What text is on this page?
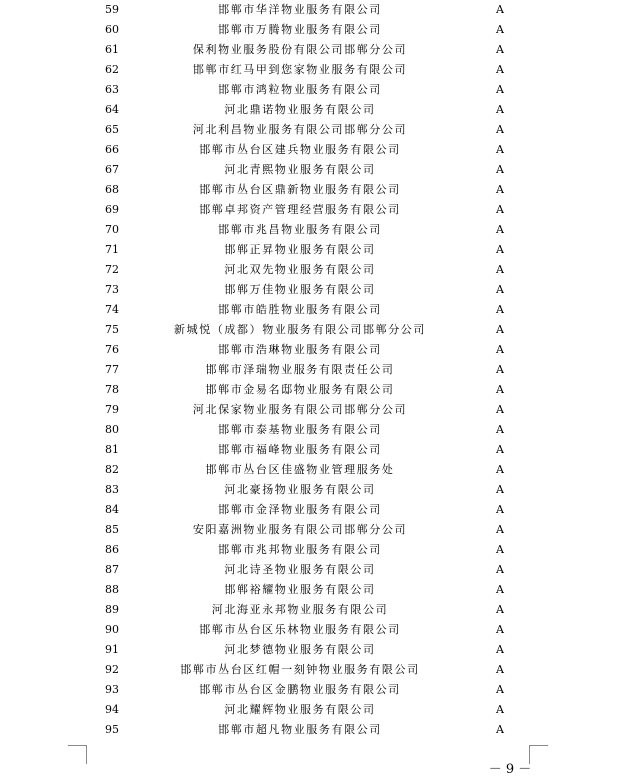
59	邯郸市华洋物业服务有限公司	A
60	邯郸市万腾物业服务有限公司	A
61	保利物业服务股份有限公司邯郸分公司	A
62	邯郸市红马甲到您家物业服务有限公司	A
63	邯郸市鸿粒物业服务有限公司	A
64	河北鼎诺物业服务有限公司	A
65	河北利昌物业服务有限公司邯郸分公司	A
66	邯郸市丛台区建兵物业服务有限公司	A
67	河北青熙物业服务有限公司	A
68	邯郸市丛台区鼎新物业服务有限公司	A
69	邯郸卓邦资产管理经营服务有限公司	A
70	邯郸市兆昌物业服务有限公司	A
71	邯郸正昇物业服务有限公司	A
72	河北双先物业服务有限公司	A
73	邯郸万佳物业服务有限公司	A
74	邯郸市皓胜物业服务有限公司	A
75	新城悦（成都）物业服务有限公司邯郸分公司	A
76	邯郸市浩琳物业服务有限公司	A
77	邯郸市泽瑞物业服务有限责任公司	A
78	邯郸市金易名邸物业服务有限公司	A
79	河北保家物业服务有限公司邯郸分公司	A
80	邯郸市泰基物业服务有限公司	A
81	邯郸市福峰物业服务有限公司	A
82	邯郸市丛台区佳盛物业管理服务处	A
83	河北豪扬物业服务有限公司	A
84	邯郸市金泽物业服务有限公司	A
85	安阳嘉洲物业服务有限公司邯郸分公司	A
86	邯郸市兆邦物业服务有限公司	A
87	河北诗圣物业服务有限公司	A
88	邯郸裕耀物业服务有限公司	A
89	河北海亚永邦物业服务有限公司	A
90	邯郸市丛台区乐林物业服务有限公司	A
91	河北梦德物业服务有限公司	A
92	邯郸市丛台区红帽一刻钟物业服务有限公司	A
93	邯郸市丛台区金鹏物业服务有限公司	A
94	河北耀辉物业服务有限公司	A
95	邯郸市超凡物业服务有限公司	A
－ 9 －
